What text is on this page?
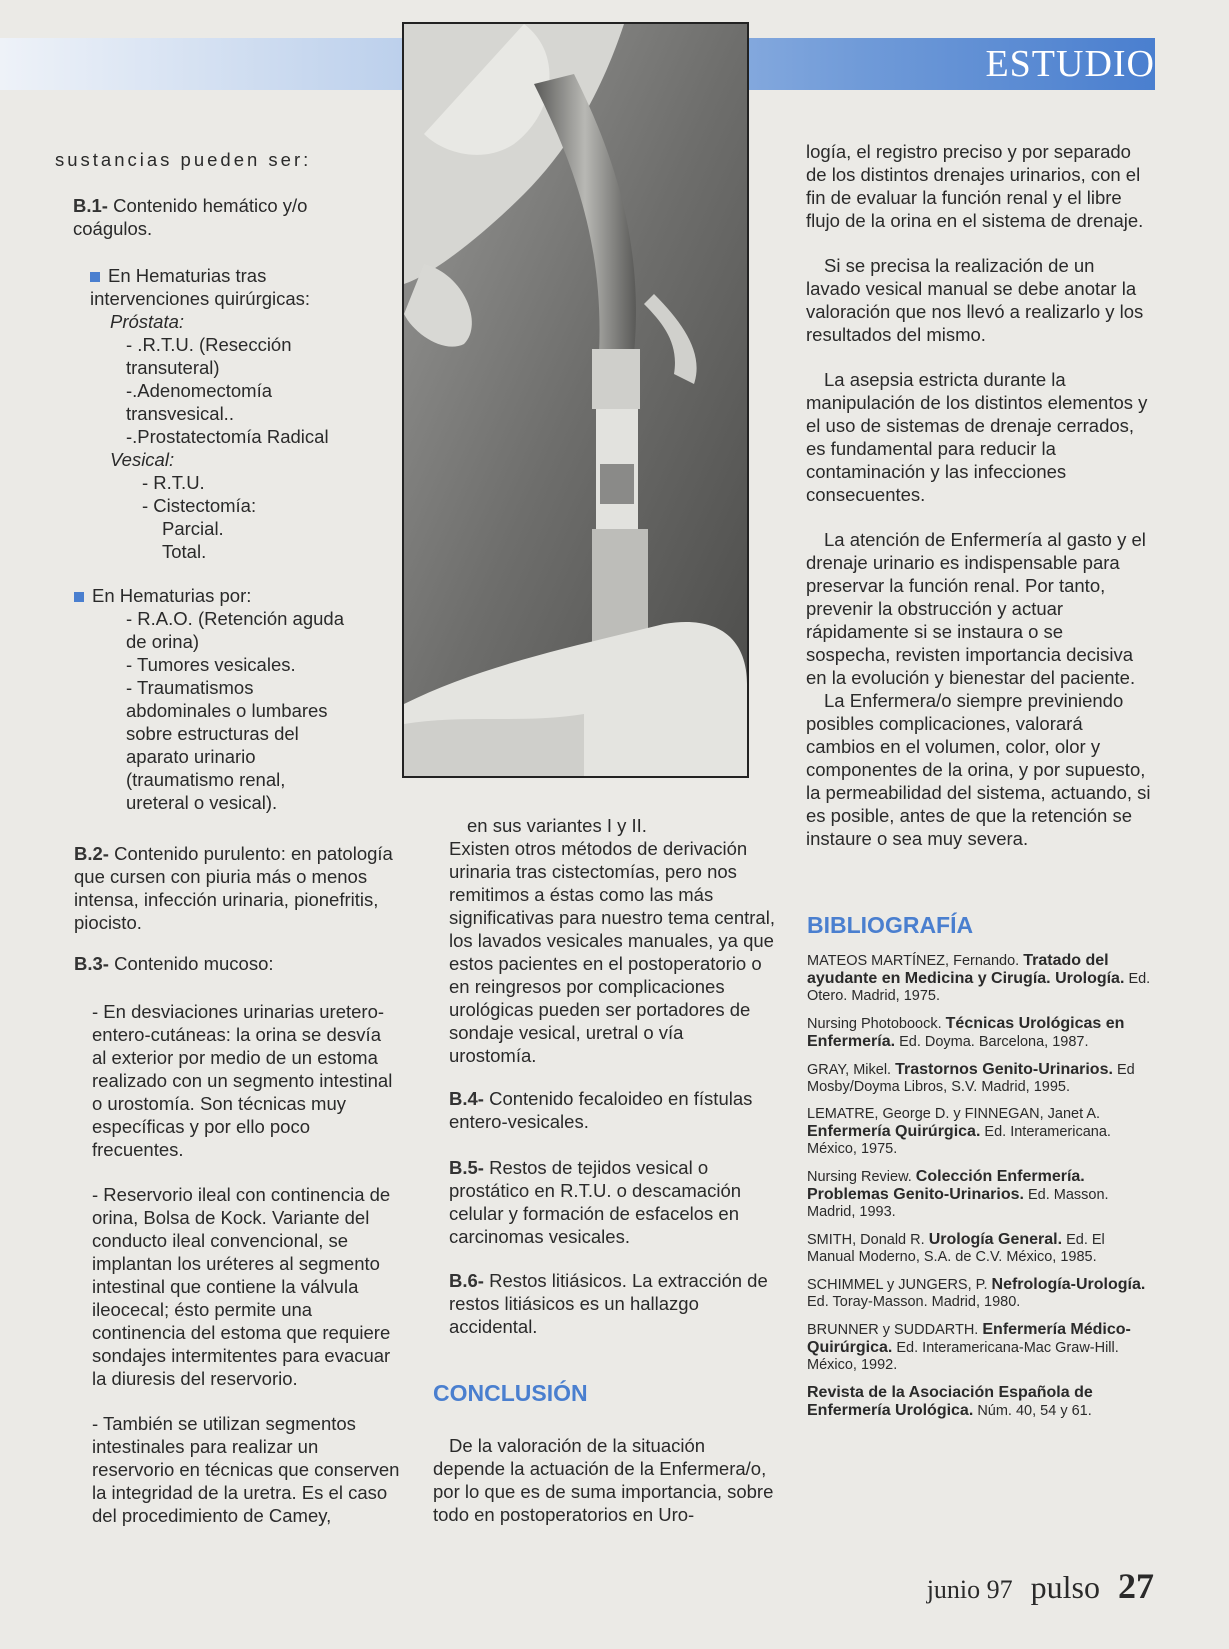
ESTUDIO

sustancias pueden ser:

B.1- Contenido hemático y/o coágulos.

En Hematurias tras intervenciones quirúrgicas:

Próstata:

- .R.T.U. (Resección transuteral)

-.Adenomectomía transvesical..

-.Prostatectomía Radical

Vesical:

- R.T.U.

- Cistectomía:

Parcial.

Total.

En Hematurias por:

- R.A.O. (Retención aguda de orina)

- Tumores vesicales.

- Traumatismos abdominales o lumbares sobre estructuras del aparato urinario (traumatismo renal, ureteral o vesical).

B.2- Contenido purulento: en patología que cursen con piuria más o menos intensa, infección urinaria, pionefritis, piocisto.

B.3- Contenido mucoso:

- En desviaciones urinarias uretero-entero-cutáneas: la orina se desvía al exterior por medio de un estoma realizado con un segmento intestinal o urostomía. Son técnicas muy específicas y por ello poco frecuentes.

- Reservorio ileal con continencia de orina, Bolsa de Kock. Variante del conducto ileal convencional, se implantan los uréteres al segmento intestinal que contiene la válvula ileocecal; ésto permite una continencia del estoma que requiere sondajes intermitentes para evacuar la diuresis del reservorio.

- También se utilizan segmentos intestinales para realizar un reservorio en técnicas que conserven la integridad de la uretra. Es el caso del procedimiento de Camey,

en sus variantes I y II.

Existen otros métodos de derivación urinaria tras cistectomías, pero nos remitimos a éstas como las más significativas para nuestro tema central, los lavados vesicales manuales, ya que estos pacientes en el postoperatorio o en reingresos por complicaciones urológicas pueden ser portadores de sondaje vesical, uretral o vía urostomía.

B.4- Contenido fecaloideo en fístulas entero-vesicales.

B.5- Restos de tejidos vesical o prostático en R.T.U. o descamación celular y formación de esfacelos en carcinomas vesicales.

B.6- Restos litiásicos. La extracción de restos litiásicos es un hallazgo accidental.

CONCLUSIÓN

De la valoración de la situación depende la actuación de la Enfermera/o, por lo que es de suma importancia, sobre todo en postoperatorios en Uro-

logía, el registro preciso y por separado de los distintos drenajes urinarios, con el fin de evaluar la función renal y el libre flujo de la orina en el sistema de drenaje.

Si se precisa la realización de un lavado vesical manual se debe anotar la valoración que nos llevó a realizarlo y los resultados del mismo.

La asepsia estricta durante la manipulación de los distintos elementos y el uso de sistemas de drenaje cerrados, es fundamental para reducir la contaminación y las infecciones consecuentes.

La atención de Enfermería al gasto y el drenaje urinario es indispensable para preservar la función renal. Por tanto, prevenir la obstrucción y actuar rápidamente si se instaura o se sospecha, revisten importancia decisiva en la evolución y bienestar del paciente.

La Enfermera/o siempre previniendo posibles complicaciones, valorará cambios en el volumen, color, olor y componentes de la orina, y por supuesto, la permeabilidad del sistema, actuando, si es posible, antes de que la retención se instaure o sea muy severa.

BIBLIOGRAFÍA
MATEOS MARTÍNEZ, Fernando. Tratado del ayudante en Medicina y Cirugía. Urología. Ed. Otero. Madrid, 1975.
Nursing Photoboock. Técnicas Urológicas en Enfermería. Ed. Doyma. Barcelona, 1987.
GRAY, Mikel. Trastornos Genito-Urinarios. Ed Mosby/Doyma Libros, S.V. Madrid, 1995.
LEMATRE, George D. y FINNEGAN, Janet A. Enfermería Quirúrgica. Ed. Interamericana. México, 1975.
Nursing Review. Colección Enfermería. Problemas Genito-Urinarios. Ed. Masson. Madrid, 1993.
SMITH, Donald R. Urología General. Ed. El Manual Moderno, S.A. de C.V. México, 1985.
SCHIMMEL y JUNGERS, P. Nefrología-Urología. Ed. Toray-Masson. Madrid, 1980.
BRUNNER y SUDDARTH. Enfermería Médico-Quirúrgica. Ed. Interamericana-Mac Graw-Hill. México, 1992.
Revista de la Asociación Española de Enfermería Urológica. Núm. 40, 54 y 61.
junio 97 pulso 27
